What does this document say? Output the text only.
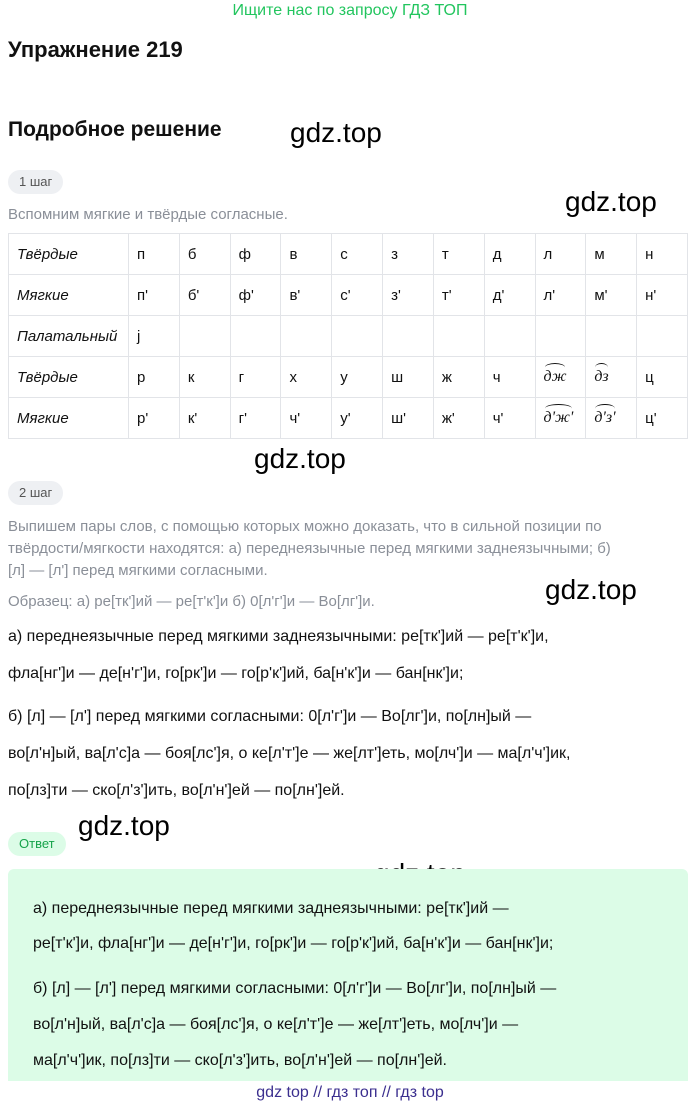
Ищите нас по запросу ГДЗ ТОП
Упражнение 219
Подробное решение gdz.top
gdz.top
gdz.top
gdz.top
gdz.top
1 шаг
Вспомним мягкие и твёрдые согласные.
Твёрдые	п	б	ф	в	с	з	т	д	л	м	н
Мягкие	п'	б'	ф'	в'	с'	з'	т'	д'	л'	м'	н'
Палатальный	j										
Твёрдые	р	к	г	х	у	ш	ж	ч	дж	дз	ц
Мягкие	р'	к'	г'	ч'	у'	ш'	ж'	ч'	д'ж'	д'з'	ц'
2 шаг
Выпишем пары слов, с помощью которых можно доказать, что в сильной позиции по
твёрдости/мягкости находятся: а) переднеязычные перед мягкими заднеязычными; б)
[л] — [л'] перед мягкими согласными.
Образец: а) ре[тк']ий — ре[т'к']и б) 0[л'г']и — Во[лг']и.
а) переднеязычные перед мягкими заднеязычными: ре[тк']ий — ре[т'к']и,
фла[нг']и — де[н'г']и, го[рк']и — го[р'к']ий, ба[н'к']и — бан[нк']и;
б) [л] — [л'] перед мягкими согласными: 0[л'г']и — Во[лг']и, по[лн]ый —
во[л'н]ый, ва[л'с]а — боя[лс']я, о ке[л'т']е — же[лт']еть, мо[лч']и — ма[л'ч']ик,
по[лз]ти — ско[л'з']ить, во[л'н']ей — по[лн']ей.
Ответ
а) переднеязычные перед мягкими заднеязычными: ре[тк']ий —
ре[т'к']и, фла[нг']и — де[н'г']и, го[рк']и — го[р'к']ий, ба[н'к']и — бан[нк']и;
б) [л] — [л'] перед мягкими согласными: 0[л'г']и — Во[лг']и, по[лн]ый —
во[л'н]ый, ва[л'с]а — боя[лс']я, о ке[л'т']е — же[лт']еть, мо[лч']и —
ма[л'ч']ик, по[лз]ти — ско[л'з']ить, во[л'н']ей — по[лн']ей.
gdz top // гдз топ // гдз top
